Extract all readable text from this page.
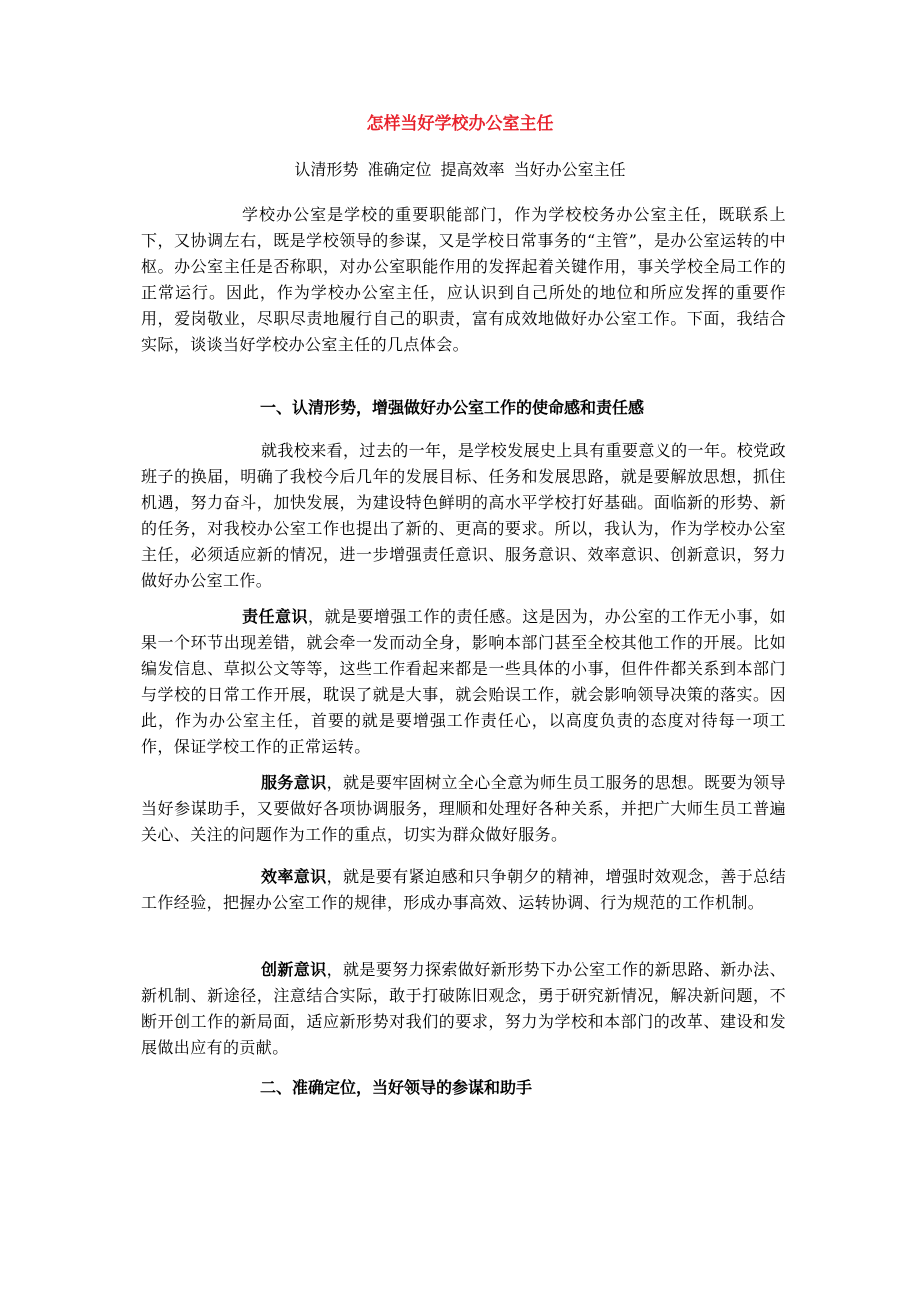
怎样当好学校办公室主任
认清形势 准确定位 提高效率 当好办公室主任

学校办公室是学校的重要职能部门，作为学校校务办公室主任，既联系上下，又协调左右，既是学校领导的参谋，又是学校日常事务的“主管”，是办公室运转的中枢。办公室主任是否称职，对办公室职能作用的发挥起着关键作用，事关学校全局工作的正常运行。因此，作为学校办公室主任，应认识到自己所处的地位和所应发挥的重要作用，爱岗敬业，尽职尽责地履行自己的职责，富有成效地做好办公室工作。下面，我结合实际，谈谈当好学校办公室主任的几点体会。

一、认清形势，增强做好办公室工作的使命感和责任感

就我校来看，过去的一年，是学校发展史上具有重要意义的一年。校党政班子的换届，明确了我校今后几年的发展目标、任务和发展思路，就是要解放思想，抓住机遇，努力奋斗，加快发展，为建设特色鲜明的高水平学校打好基础。面临新的形势、新的任务，对我校办公室工作也提出了新的、更高的要求。所以，我认为，作为学校办公室主任，必须适应新的情况，进一步增强责任意识、服务意识、效率意识、创新意识，努力做好办公室工作。

责任意识，就是要增强工作的责任感。这是因为，办公室的工作无小事，如果一个环节出现差错，就会牵一发而动全身，影响本部门甚至全校其他工作的开展。比如编发信息、草拟公文等等，这些工作看起来都是一些具体的小事，但件件都关系到本部门与学校的日常工作开展，耽误了就是大事，就会贻误工作，就会影响领导决策的落实。因此，作为办公室主任，首要的就是要增强工作责任心，以高度负责的态度对待每一项工作，保证学校工作的正常运转。

服务意识，就是要牢固树立全心全意为师生员工服务的思想。既要为领导当好参谋助手，又要做好各项协调服务，理顺和处理好各种关系，并把广大师生员工普遍关心、关注的问题作为工作的重点，切实为群众做好服务。

效率意识，就是要有紧迫感和只争朝夕的精神，增强时效观念，善于总结工作经验，把握办公室工作的规律，形成办事高效、运转协调、行为规范的工作机制。

创新意识，就是要努力探索做好新形势下办公室工作的新思路、新办法、新机制、新途径，注意结合实际，敢于打破陈旧观念，勇于研究新情况，解决新问题，不断开创工作的新局面，适应新形势对我们的要求，努力为学校和本部门的改革、建设和发展做出应有的贡献。

二、准确定位，当好领导的参谋和助手
